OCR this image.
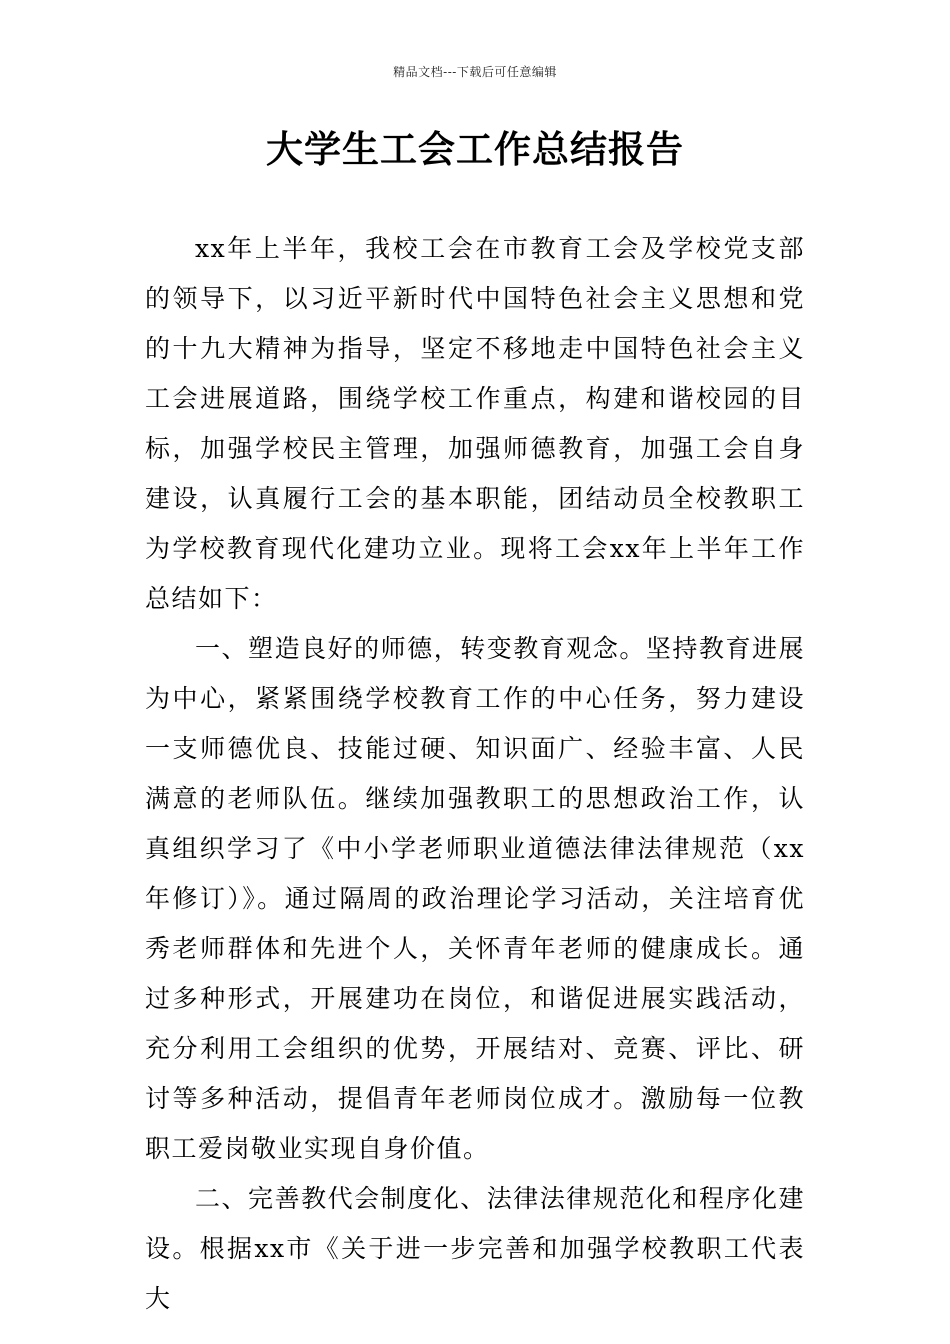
精品文档---下载后可任意编辑
大学生工会工作总结报告

xx年上半年，我校工会在市教育工会及学校党支部的领导下，以习近平新时代中国特色社会主义思想和党的十九大精神为指导，坚定不移地走中国特色社会主义工会进展道路，围绕学校工作重点，构建和谐校园的目标，加强学校民主管理，加强师德教育，加强工会自身建设，认真履行工会的基本职能，团结动员全校教职工为学校教育现代化建功立业。现将工会xx年上半年工作总结如下：

一、塑造良好的师德，转变教育观念。坚持教育进展为中心，紧紧围绕学校教育工作的中心任务，努力建设一支师德优良、技能过硬、知识面广、经验丰富、人民满意的老师队伍。继续加强教职工的思想政治工作，认真组织学习了《中小学老师职业道德法律法律规范（xx年修订）》。通过隔周的政治理论学习活动，关注培育优秀老师群体和先进个人，关怀青年老师的健康成长。通过多种形式，开展建功在岗位，和谐促进展实践活动，充分利用工会组织的优势，开展结对、竞赛、评比、研讨等多种活动，提倡青年老师岗位成才。激励每一位教职工爱岗敬业实现自身价值。

二、完善教代会制度化、法律法律规范化和程序化建设。根据xx市《关于进一步完善和加强学校教职工代表大
